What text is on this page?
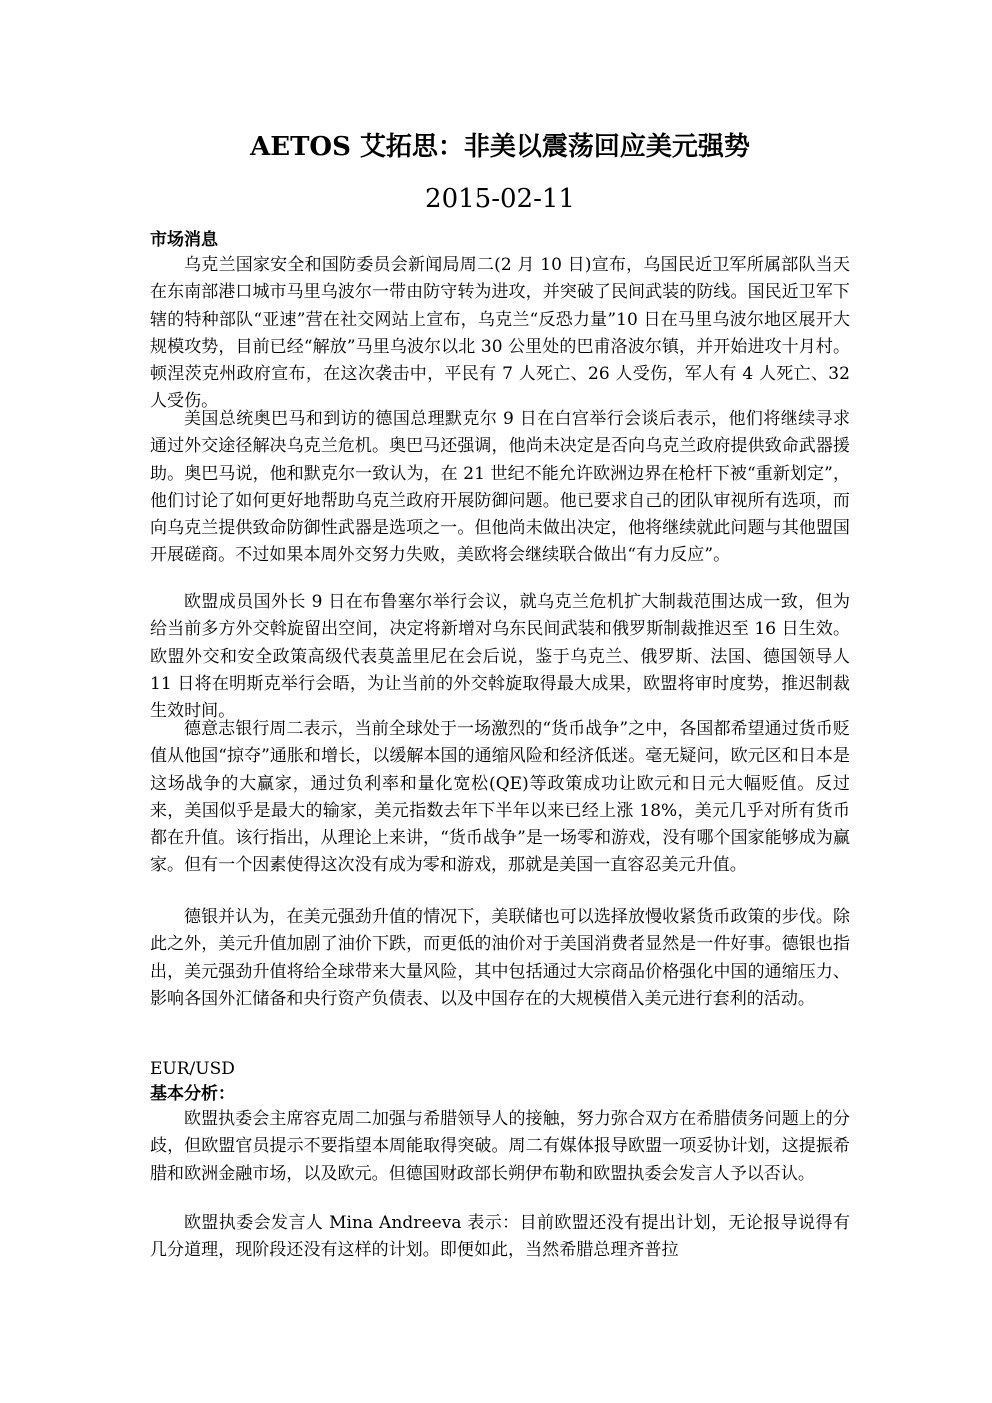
AETOS 艾拓思：非美以震荡回应美元强势
2015-02-11
市场消息

乌克兰国家安全和国防委员会新闻局周二(2 月 10 日)宣布，乌国民近卫军所属部队当天在东南部港口城市马里乌波尔一带由防守转为进攻，并突破了民间武装的防线。国民近卫军下辖的特种部队“亚速”营在社交网站上宣布，乌克兰“反恐力量”10 日在马里乌波尔地区展开大规模攻势，目前已经“解放”马里乌波尔以北 30 公里处的巴甫洛波尔镇，并开始进攻十月村。顿涅茨克州政府宣布，在这次袭击中，平民有 7 人死亡、26 人受伤，军人有 4 人死亡、32 人受伤。

美国总统奥巴马和到访的德国总理默克尔 9 日在白宫举行会谈后表示，他们将继续寻求通过外交途径解决乌克兰危机。奥巴马还强调，他尚未决定是否向乌克兰政府提供致命武器援助。奥巴马说，他和默克尔一致认为，在 21 世纪不能允许欧洲边界在枪杆下被“重新划定”，他们讨论了如何更好地帮助乌克兰政府开展防御问题。他已要求自己的团队审视所有选项，而向乌克兰提供致命防御性武器是选项之一。但他尚未做出决定，他将继续就此问题与其他盟国开展磋商。不过如果本周外交努力失败，美欧将会继续联合做出“有力反应”。

欧盟成员国外长 9 日在布鲁塞尔举行会议，就乌克兰危机扩大制裁范围达成一致，但为给当前多方外交斡旋留出空间，决定将新增对乌东民间武装和俄罗斯制裁推迟至 16 日生效。欧盟外交和安全政策高级代表莫盖里尼在会后说，鉴于乌克兰、俄罗斯、法国、德国领导人 11 日将在明斯克举行会晤，为让当前的外交斡旋取得最大成果，欧盟将审时度势，推迟制裁生效时间。

德意志银行周二表示，当前全球处于一场激烈的“货币战争”之中，各国都希望通过货币贬值从他国“掠夺”通胀和增长，以缓解本国的通缩风险和经济低迷。毫无疑问，欧元区和日本是这场战争的大赢家，通过负利率和量化宽松(QE)等政策成功让欧元和日元大幅贬值。反过来，美国似乎是最大的输家，美元指数去年下半年以来已经上涨 18%，美元几乎对所有货币都在升值。该行指出，从理论上来讲，“货币战争”是一场零和游戏，没有哪个国家能够成为赢家。但有一个因素使得这次没有成为零和游戏，那就是美国一直容忍美元升值。

德银并认为，在美元强劲升值的情况下，美联储也可以选择放慢收紧货币政策的步伐。除此之外，美元升值加剧了油价下跌，而更低的油价对于美国消费者显然是一件好事。德银也指出，美元强劲升值将给全球带来大量风险，其中包括通过大宗商品价格强化中国的通缩压力、影响各国外汇储备和央行资产负债表、以及中国存在的大规模借入美元进行套利的活动。

EUR/USD
基本分析：

欧盟执委会主席容克周二加强与希腊领导人的接触，努力弥合双方在希腊债务问题上的分歧，但欧盟官员提示不要指望本周能取得突破。周二有媒体报导欧盟一项妥协计划，这提振希腊和欧洲金融市场，以及欧元。但德国财政部长朔伊布勒和欧盟执委会发言人予以否认。

欧盟执委会发言人 Mina Andreeva 表示：目前欧盟还没有提出计划，无论报导说得有几分道理，现阶段还没有这样的计划。即便如此，当然希腊总理齐普拉
